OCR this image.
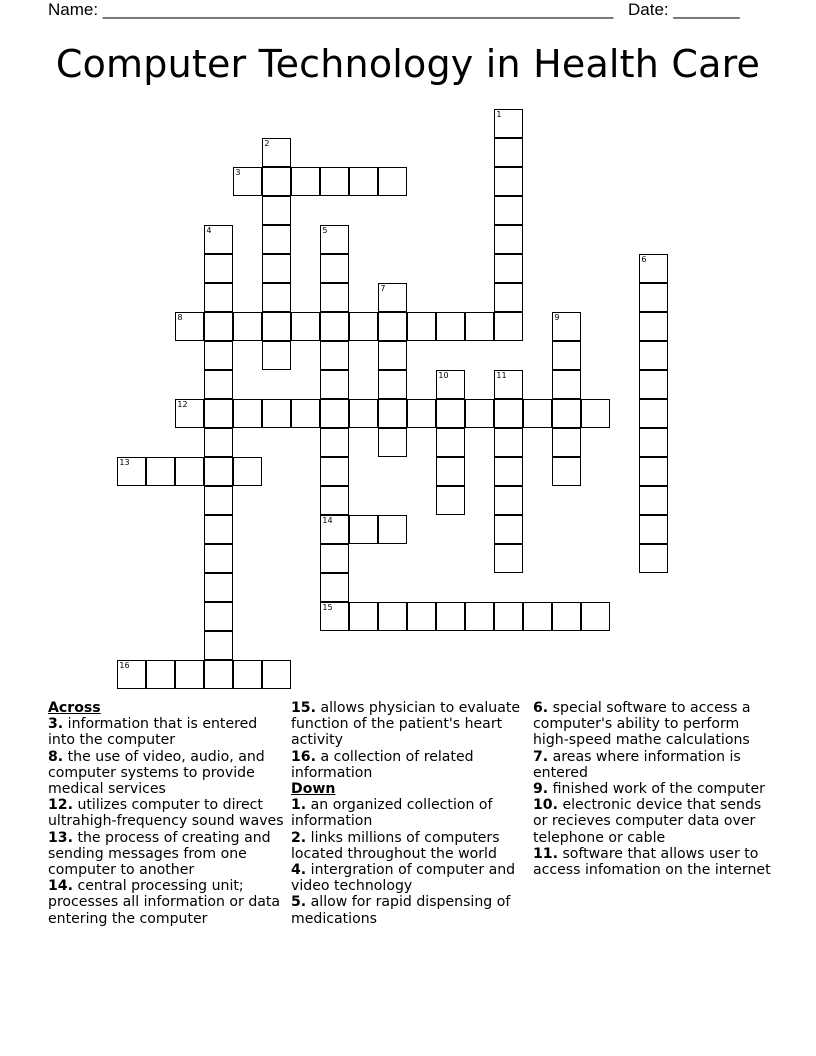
Name: ______________________________________________________ Date: _______
Computer Technology in Health Care
1
2
3
4	5
14
15
6
7
8	9
10	11
12
13
16
Across
3. information that is entered into the computer
8. the use of video, audio, and computer systems to provide medical services
12. utilizes computer to direct ultrahigh-frequency sound waves
13. the process of creating and sending messages from one computer to another
14. central processing unit; processes all information or data entering the computer
15. allows physician to evaluate function of the patient's heart activity
16. a collection of related information
Down
1. an organized collection of information
2. links millions of computers located throughout the world
4. intergration of computer and video technology
5. allow for rapid dispensing of medications
6. special software to access a computer's ability to perform high-speed mathe calculations
7. areas where information is entered
9. finished work of the computer
10. electronic device that sends or recieves computer data over telephone or cable
11. software that allows user to access infomation on the internet
